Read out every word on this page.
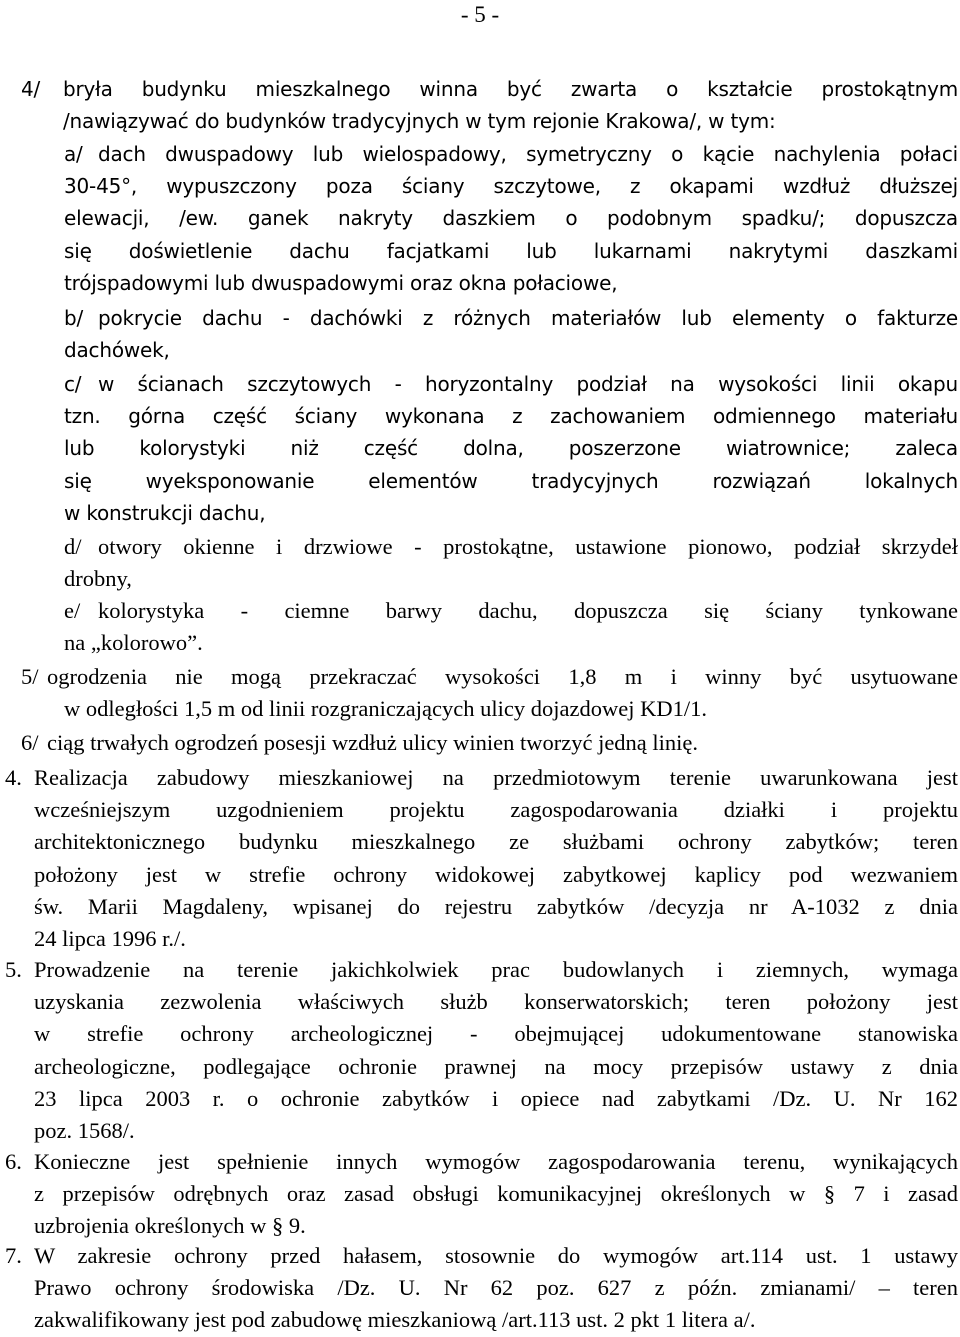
- 5 -
4/ bryła budynku mieszkalnego winna być zwarta o kształcie prostokątnym
/nawiązywać do budynków tradycyjnych w tym rejonie Krakowa/, w tym:
a/ dach dwuspadowy lub wielospadowy, symetryczny o kącie nachylenia połaci
30-45°, wypuszczony poza ściany szczytowe, z okapami wzdłuż dłuższej
elewacji, /ew. ganek nakryty daszkiem o podobnym spadku/; dopuszcza
się doświetlenie dachu facjatkami lub lukarnami nakrytymi daszkami
trójspadowymi lub dwuspadowymi oraz okna połaciowe,
b/ pokrycie dachu - dachówki z różnych materiałów lub elementy o fakturze
dachówek,
c/ w ścianach szczytowych - horyzontalny podział na wysokości linii okapu
tzn. górna część ściany wykonana z zachowaniem odmiennego materiału
lub kolorystyki niż część dolna, poszerzone wiatrownice; zaleca
się wyeksponowanie elementów tradycyjnych rozwiązań lokalnych
w konstrukcji dachu,
d/ otwory okienne i drzwiowe - prostokątne, ustawione pionowo, podział skrzydeł
drobny,
e/ kolorystyka - ciemne barwy dachu, dopuszcza się ściany tynkowane
na „kolorowo”.
5/ ogrodzenia nie mogą przekraczać wysokości 1,8 m i winny być usytuowane
w odległości 1,5 m od linii rozgraniczających ulicy dojazdowej KD1/1.
6/ ciąg trwałych ogrodzeń posesji wzdłuż ulicy winien tworzyć jedną linię.
4. Realizacja zabudowy mieszkaniowej na przedmiotowym terenie uwarunkowana jest
wcześniejszym uzgodnieniem projektu zagospodarowania działki i projektu
architektonicznego budynku mieszkalnego ze służbami ochrony zabytków; teren
położony jest w strefie ochrony widokowej zabytkowej kaplicy pod wezwaniem
św. Marii Magdaleny, wpisanej do rejestru zabytków /decyzja nr A-1032 z dnia
24 lipca 1996 r./.
5. Prowadzenie na terenie jakichkolwiek prac budowlanych i ziemnych, wymaga
uzyskania zezwolenia właściwych służb konserwatorskich; teren położony jest
w strefie ochrony archeologicznej - obejmującej udokumentowane stanowiska
archeologiczne, podlegające ochronie prawnej na mocy przepisów ustawy z dnia
23 lipca 2003 r. o ochronie zabytków i opiece nad zabytkami /Dz. U. Nr 162
poz. 1568/.
6. Konieczne jest spełnienie innych wymogów zagospodarowania terenu, wynikających
z przepisów odrębnych oraz zasad obsługi komunikacyjnej określonych w § 7 i zasad
uzbrojenia określonych w § 9.
7. W zakresie ochrony przed hałasem, stosownie do wymogów art.114 ust. 1 ustawy
Prawo ochrony środowiska /Dz. U. Nr 62 poz. 627 z późn. zmianami/ – teren
zakwalifikowany jest pod zabudowę mieszkaniową /art.113 ust. 2 pkt 1 litera a/.
